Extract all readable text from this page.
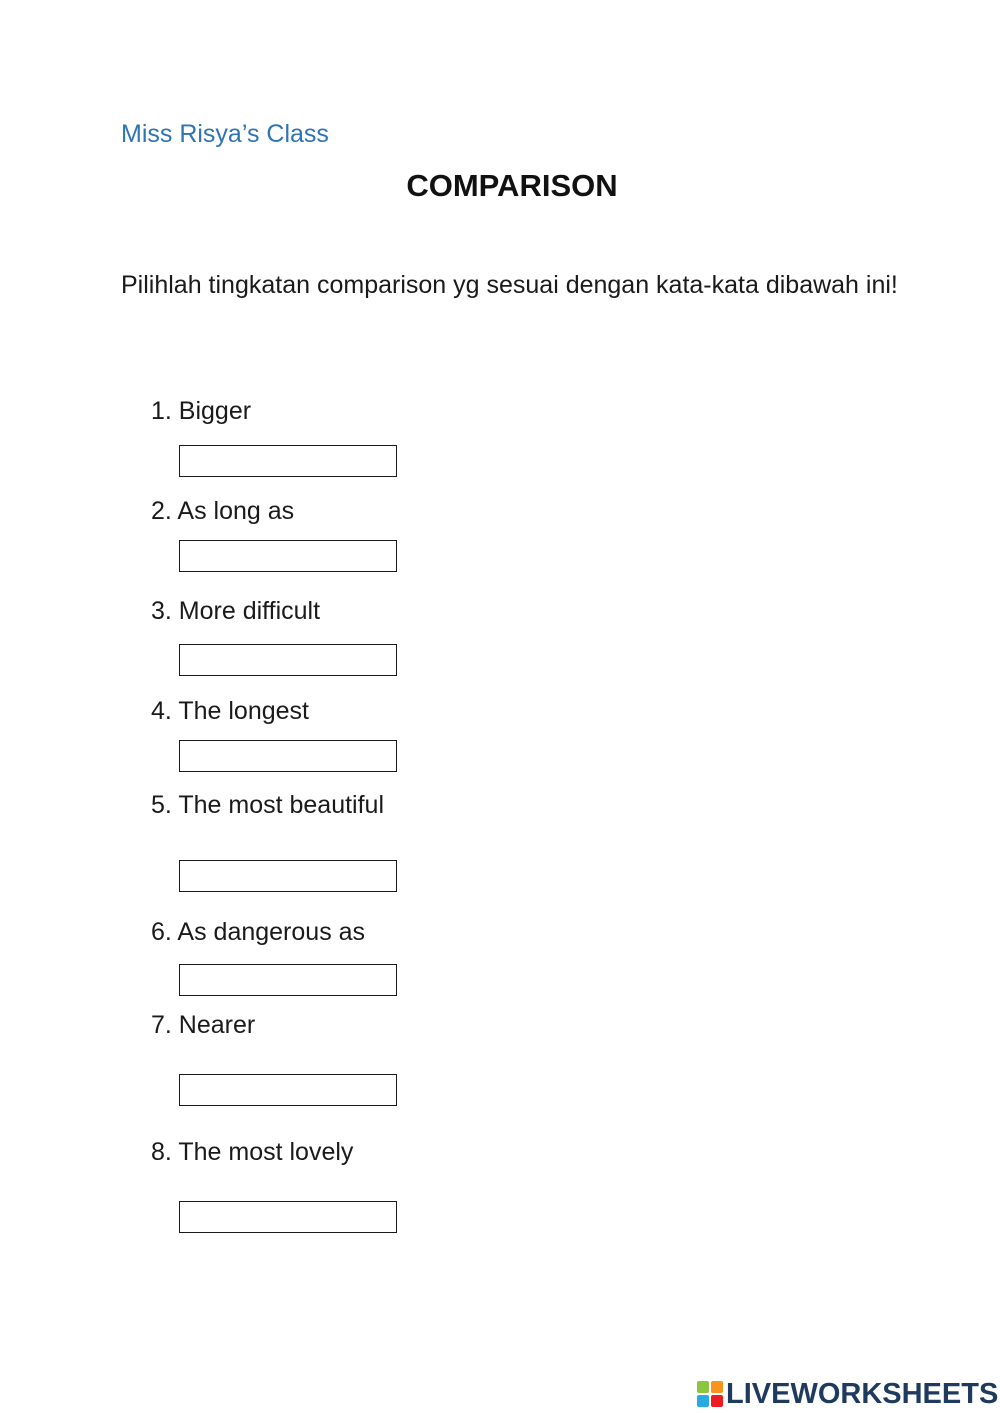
Miss Risya’s Class
COMPARISON
Pilihlah tingkatan comparison yg sesuai dengan kata-kata dibawah ini!
1. Bigger
2. As long as
3. More difficult
4. The longest
5. The most beautiful
6. As dangerous as
7. Nearer
8. The most lovely
LIVEWORKSHEETS
